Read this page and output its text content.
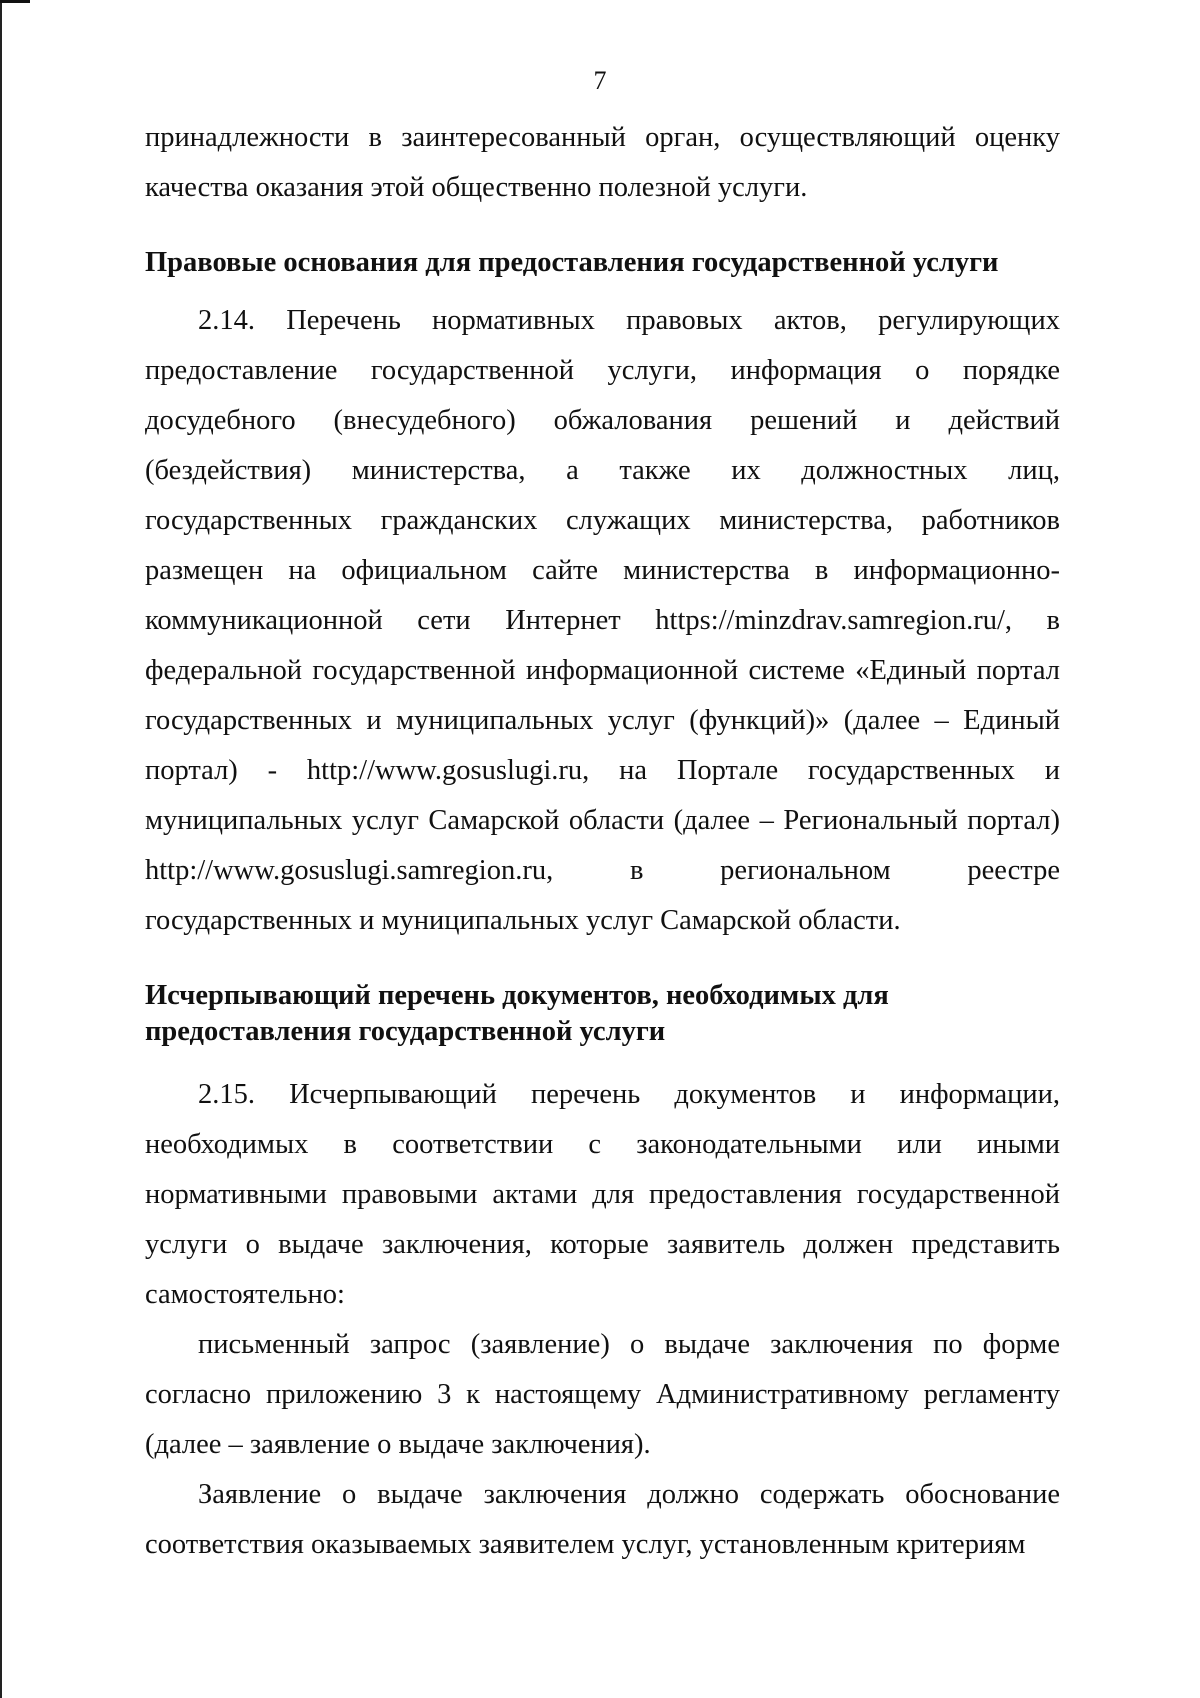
7

принадлежности в заинтересованный орган, осуществляющий оценку качества оказания этой общественно полезной услуги.

Правовые основания для предоставления государственной услуги

2.14. Перечень нормативных правовых актов, регулирующих предоставление государственной услуги, информация о порядке досудебного (внесудебного) обжалования решений и действий (бездействия) министерства, а также их должностных лиц, государственных гражданских служащих министерства, работников размещен на официальном сайте министерства в информационно-коммуникационной сети Интернет https://minzdrav.samregion.ru/, в федеральной государственной информационной системе «Единый портал государственных и муниципальных услуг (функций)» (далее – Единый портал) - http://www.gosuslugi.ru, на Портале государственных и муниципальных услуг Самарской области (далее – Региональный портал) http://www.gosuslugi.samregion.ru, в региональном реестре государственных и муниципальных услуг Самарской области.

Исчерпывающий перечень документов, необходимых для

предоставления государственной услуги

2.15. Исчерпывающий перечень документов и информации, необходимых в соответствии с законодательными или иными нормативными правовыми актами для предоставления государственной услуги о выдаче заключения, которые заявитель должен представить самостоятельно:

письменный запрос (заявление) о выдаче заключения по форме согласно приложению 3 к настоящему Административному регламенту (далее – заявление о выдаче заключения).

Заявление о выдаче заключения должно содержать обоснование соответствия оказываемых заявителем услуг, установленным критериям
